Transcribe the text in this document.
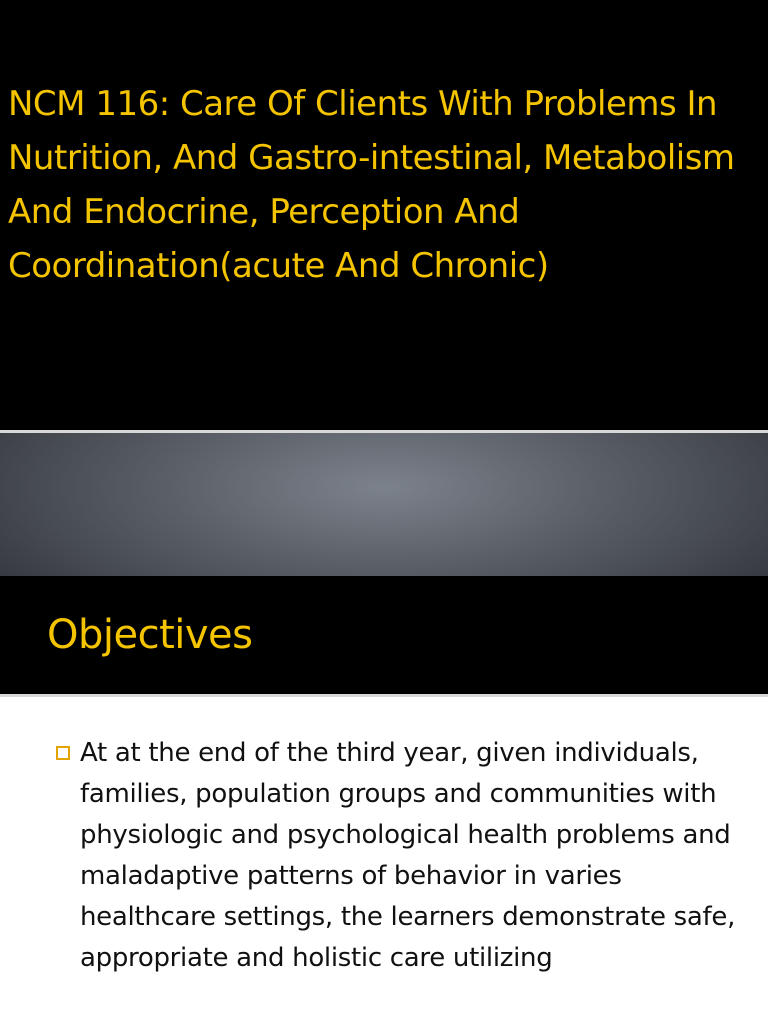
NCM 116: Care Of Clients With Problems In Nutrition, And Gastro-intestinal, Metabolism And Endocrine, Perception And Coordination(acute And Chronic)
Objectives

At at the end of the third year, given individuals, families, population groups and communities with physiologic and psychological health problems and maladaptive patterns of behavior in varies healthcare settings, the learners demonstrate safe, appropriate and holistic care utilizing
